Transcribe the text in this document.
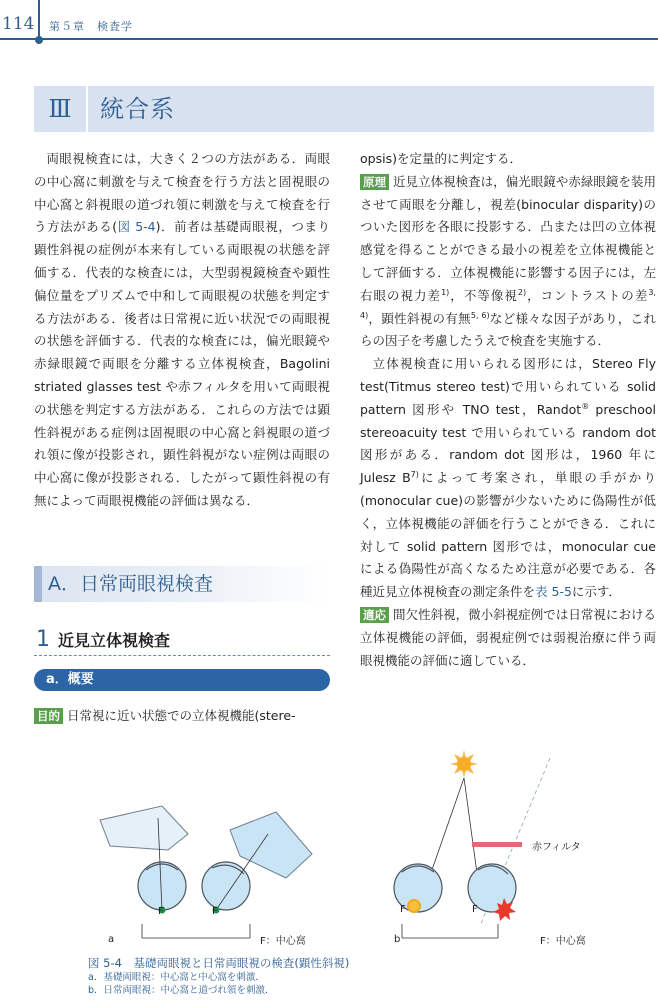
114 第５章　検査学
Ⅲ	統合系

両眼視検査には，大きく２つの方法がある．両眼の中心窩に刺激を与えて検査を行う方法と固視眼の中心窩と斜視眼の道づれ領に刺激を与えて検査を行う方法がある(図 5-4)．前者は基礎両眼視，つまり顕性斜視の症例が本来有している両眼視の状態を評価する．代表的な検査には，大型弱視鏡検査や顕性偏位量をプリズムで中和して両眼視の状態を判定する方法がある．後者は日常視に近い状況での両眼視の状態を評価する．代表的な検査には，偏光眼鏡や赤緑眼鏡で両眼を分離する立体視検査，Bagolini striated glasses test や赤フィルタを用いて両眼視の状態を判定する方法がある．これらの方法では顕性斜視がある症例は固視眼の中心窩と斜視眼の道づれ領に像が投影され，顕性斜視がない症例は両眼の中心窩に像が投影される．したがって顕性斜視の有無によって両眼視機能の評価は異なる．

A．日常両眼視検査
1 近見立体視検査
a．概要
目的 日常視に近い状態での立体視機能(stere-

opsis)を定量的に判定する．

原理 近見立体視検査は，偏光眼鏡や赤緑眼鏡を装用させて両眼を分離し，視差(binocular disparity)のついた図形を各眼に投影する．凸または凹の立体視感覚を得ることができる最小の視差を立体視機能として評価する．立体視機能に影響する因子には，左右眼の視力差$^{1)}$，不等像視$^{2)}$，コントラストの差$^{3, 4)}$，顕性斜視の有無$^{5, 6)}$など様々な因子があり，これらの因子を考慮したうえで検査を実施する．

立体視検査に用いられる図形には，Stereo Fly test(Titmus stereo test)で用いられている solid pattern 図形や TNO test，Randot® preschool stereoacuity test で用いられている random dot 図形がある．random dot 図形は，1960 年に Julesz $B^{7)}$によって考案され，単眼の手がかり(monocular cue)の影響が少ないために偽陽性が低く，立体視機能の評価を行うことができる．これに対して solid pattern 図形では，monocular cue による偽陽性が高くなるため注意が必要である．各種近見立体視検査の測定条件を表 5-5に示す．

適応 間欠性斜視，微小斜視症例では日常視における立体視機能の評価，弱視症例では弱視治療に伴う両眼視機能の評価に適している．

a
F	F
F：中心窩	b
F	F
赤フィルタ
F：中心窩
図 5-4　基礎両眼視と日常両眼視の検査(顕性斜視)
a．基礎両眼視：中心窩と中心窩を刺激．
b．日常両眼視：中心窩と道づれ領を刺激．
